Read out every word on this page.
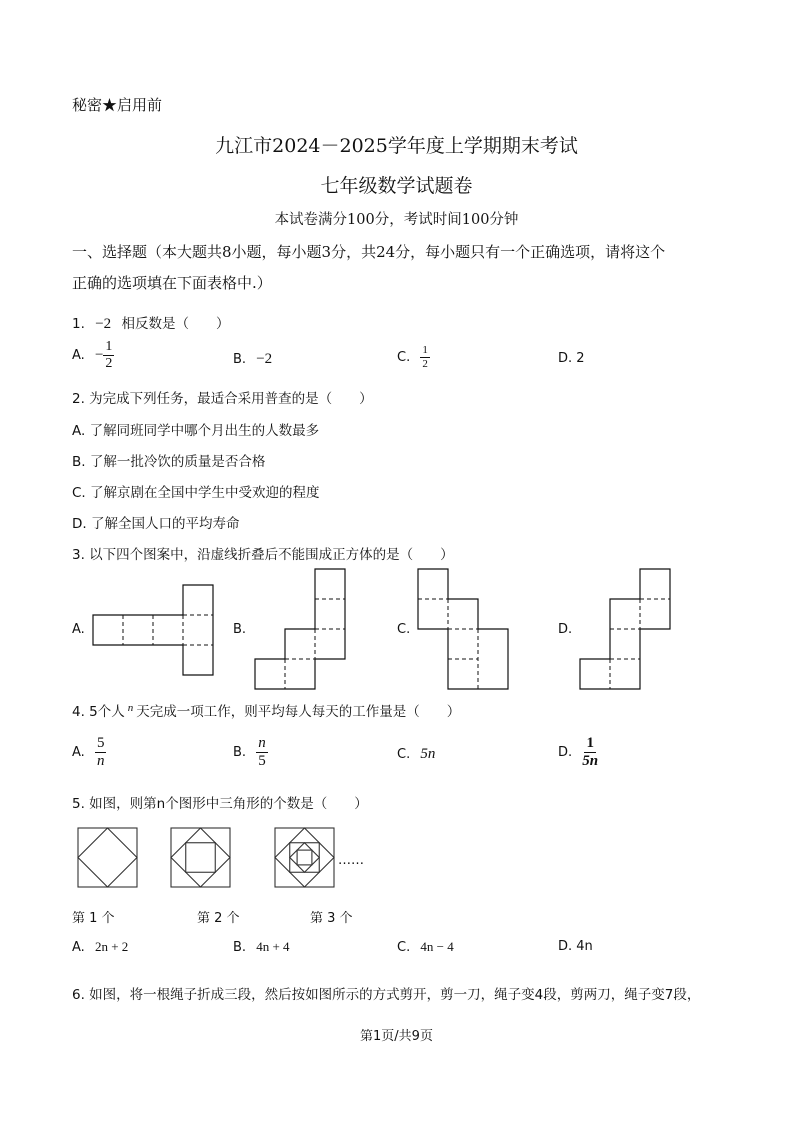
秘密★启用前
九江市2024－2025学年度上学期期末考试
七年级数学试题卷
本试卷满分100分，考试时间100分钟
一、选择题（本大题共8小题，每小题3分，共24分，每小题只有一个正确选项，请将这个
正确的选项填在下面表格中.）
1. −2 相反数是（　　）
A. − $\frac{1}{2}$	B. −2	C. $\frac{1}{2}$	D. 2
2. 为完成下列任务，最适合采用普查的是（　　）
A. 了解同班同学中哪个月出生的人数最多
B. 了解一批冷饮的质量是否合格
C. 了解京剧在全国中学生中受欢迎的程度
D. 了解全国人口的平均寿命
3. 以下四个图案中，沿虚线折叠后不能围成正方体的是（　　）
A.	B.	C.	D.
4. 5个人 $^n$ 天完成一项工作，则平均每人每天的工作量是（　　）
A. $\frac{5}{n}$	B. $\frac{n}{5}$	C. 5n	D. $\frac{1}{5n}$
5. 如图，则第n个图形中三角形的个数是（　　）
……
第 1 个	第 2 个	第 3 个
A. 2n + 2	B. 4n + 4	C. 4n − 4	D. 4n
6. 如图，将一根绳子折成三段，然后按如图所示的方式剪开，剪一刀，绳子变4段，剪两刀，绳子变7段，
第1页/共9页
